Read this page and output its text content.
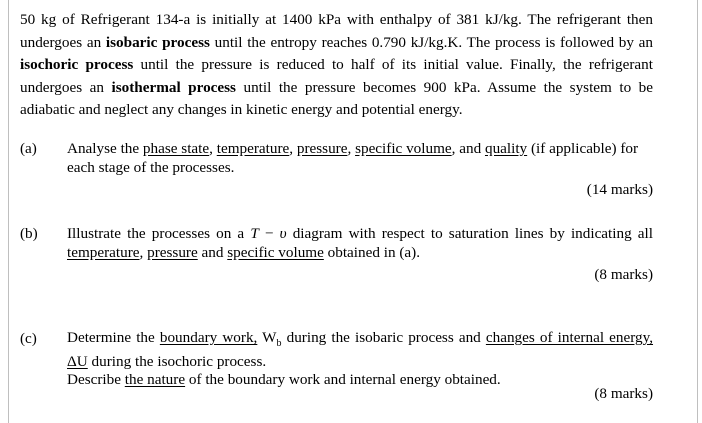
50 kg of Refrigerant 134-a is initially at 1400 kPa with enthalpy of 381 kJ/kg. The refrigerant then undergoes an isobaric process until the entropy reaches 0.790 kJ/kg.K. The process is followed by an isochoric process until the pressure is reduced to half of its initial value. Finally, the refrigerant undergoes an isothermal process until the pressure becomes 900 kPa. Assume the system to be adiabatic and neglect any changes in kinetic energy and potential energy.
(a) Analyse the phase state, temperature, pressure, specific volume, and quality (if applicable) for each stage of the processes.
(14 marks)
(b) Illustrate the processes on a T − υ diagram with respect to saturation lines by indicating all temperature, pressure and specific volume obtained in (a).
(8 marks)
(c) Determine the boundary work, $W_b$ during the isobaric process and changes of internal energy, ΔU during the isochoric process.
Describe the nature of the boundary work and internal energy obtained.
(8 marks)
